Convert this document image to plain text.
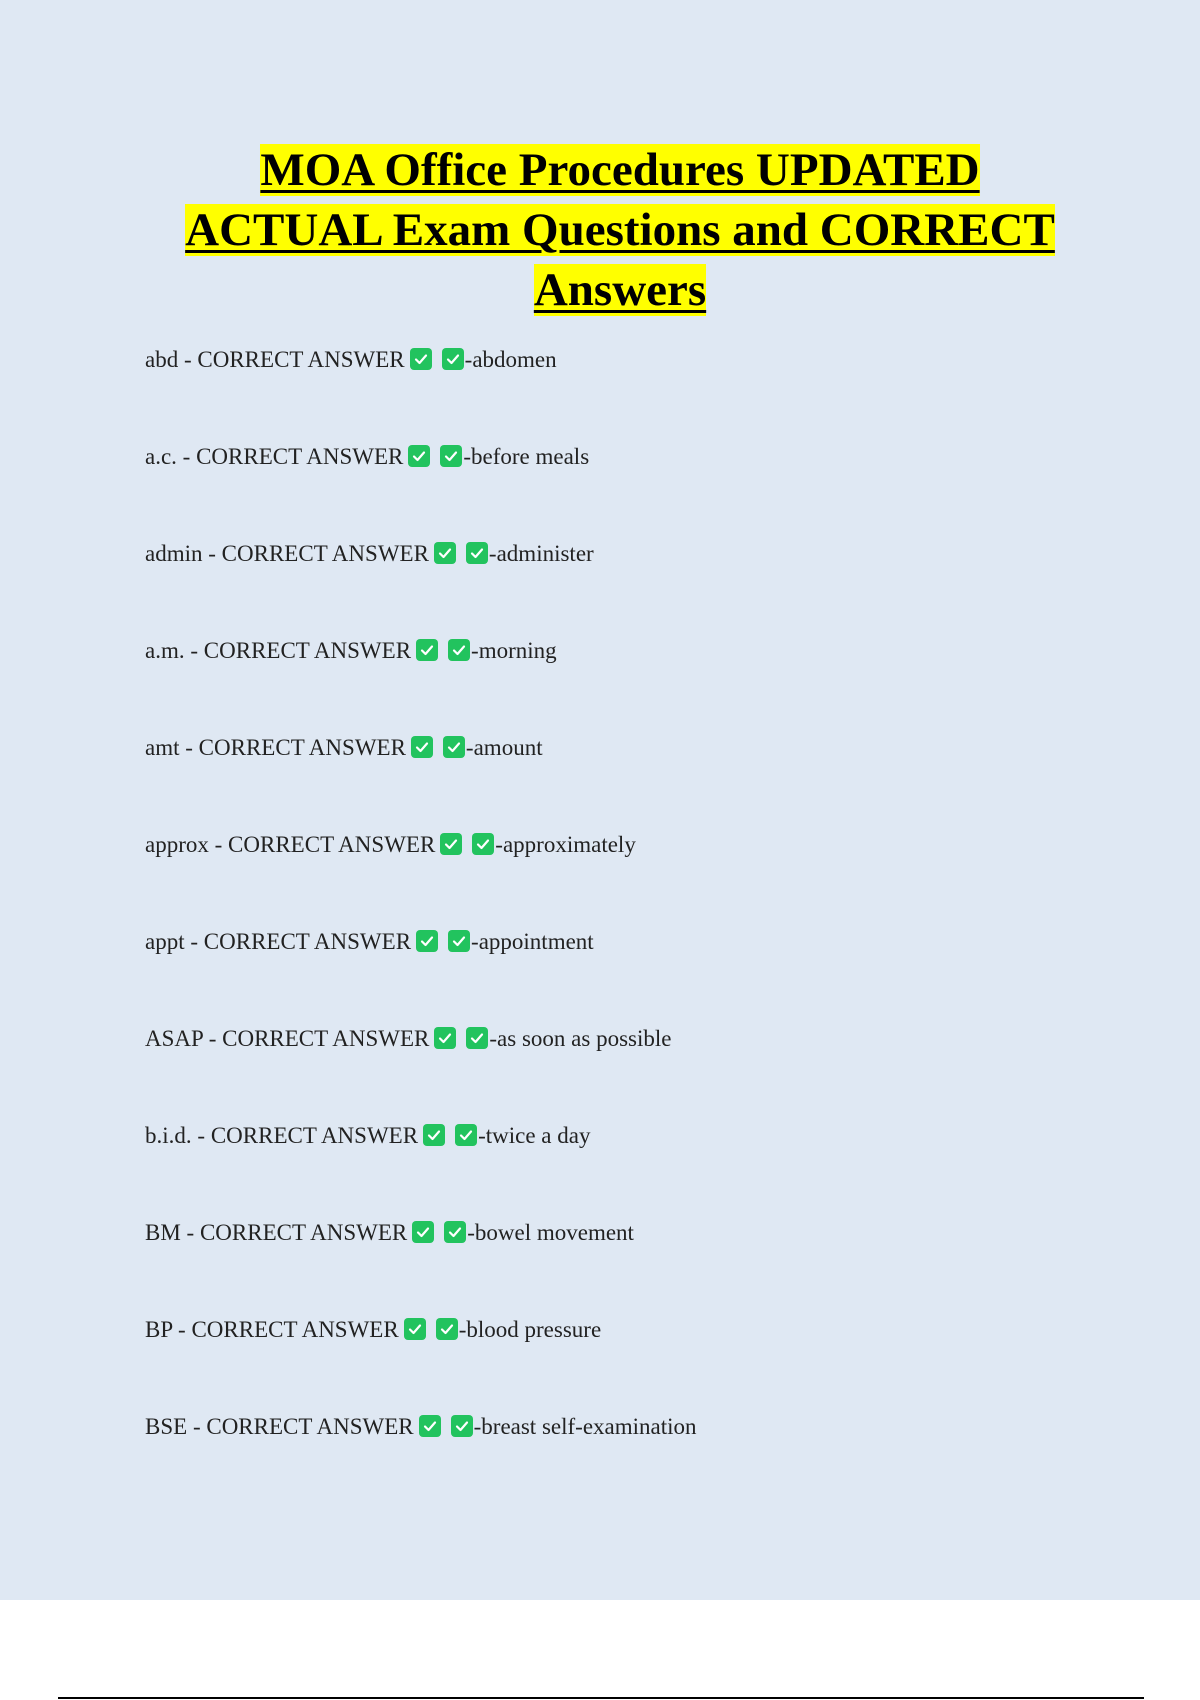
MOA Office Procedures UPDATED
ACTUAL Exam Questions and CORRECT
Answers
abd - CORRECT ANSWER	-abdomen
a.c. - CORRECT ANSWER	-before meals
admin - CORRECT ANSWER	-administer
a.m. - CORRECT ANSWER	-morning
amt - CORRECT ANSWER	-amount
approx - CORRECT ANSWER	-approximately
appt - CORRECT ANSWER	-appointment
ASAP - CORRECT ANSWER	-as soon as possible
b.i.d. - CORRECT ANSWER	-twice a day
BM - CORRECT ANSWER	-bowel movement
BP - CORRECT ANSWER	-blood pressure
BSE - CORRECT ANSWER	-breast self-examination
